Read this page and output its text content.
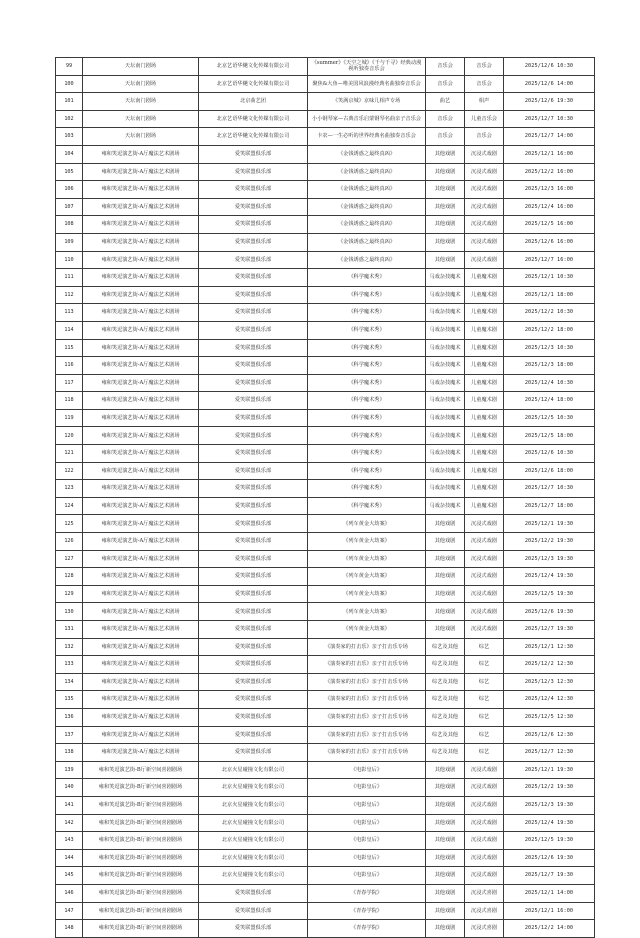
99	天坛南门剧场	北京艺语华樾文化传媒有限公司	《summer》《天空之城》《千与千寻》经典动漫视听独奏音乐会	音乐会	音乐会	2025/12/6 10:30
100	天坛南门剧场	北京艺语华樾文化传媒有限公司	聚焦&大鱼—唯美国风浪漫经典名曲独奏音乐会	音乐会	音乐会	2025/12/6 14:00
101	天坛南门剧场	北京曲艺团	《笑满京城》京味儿相声专场	曲艺	相声	2025/12/6 19:30
102	天坛南门剧场	北京艺语华樾文化传媒有限公司	小小钢琴家—古典音乐启蒙钢琴名曲亲子音乐会	音乐会	儿童音乐会	2025/12/7 10:30
103	天坛南门剧场	北京艺语华樾文化传媒有限公司	卡农—一生必听的世界经典名曲独奏音乐会	音乐会	音乐会	2025/12/7 14:00
104	雍和笑逗演艺街-A厅魔法艺术剧场	爱笑联盟俱乐部	《金钱诱惑之最终真凶》	其他戏剧	沉浸式戏剧	2025/12/1 16:00
105	雍和笑逗演艺街-A厅魔法艺术剧场	爱笑联盟俱乐部	《金钱诱惑之最终真凶》	其他戏剧	沉浸式戏剧	2025/12/2 16:00
106	雍和笑逗演艺街-A厅魔法艺术剧场	爱笑联盟俱乐部	《金钱诱惑之最终真凶》	其他戏剧	沉浸式戏剧	2025/12/3 16:00
107	雍和笑逗演艺街-A厅魔法艺术剧场	爱笑联盟俱乐部	《金钱诱惑之最终真凶》	其他戏剧	沉浸式戏剧	2025/12/4 16:00
108	雍和笑逗演艺街-A厅魔法艺术剧场	爱笑联盟俱乐部	《金钱诱惑之最终真凶》	其他戏剧	沉浸式戏剧	2025/12/5 16:00
109	雍和笑逗演艺街-A厅魔法艺术剧场	爱笑联盟俱乐部	《金钱诱惑之最终真凶》	其他戏剧	沉浸式戏剧	2025/12/6 16:00
110	雍和笑逗演艺街-A厅魔法艺术剧场	爱笑联盟俱乐部	《金钱诱惑之最终真凶》	其他戏剧	沉浸式戏剧	2025/12/7 16:00
111	雍和笑逗演艺街-A厅魔法艺术剧场	爱笑联盟俱乐部	《科学魔术秀》	马戏杂技魔术	儿童魔术剧	2025/12/1 10:30
112	雍和笑逗演艺街-A厅魔法艺术剧场	爱笑联盟俱乐部	《科学魔术秀》	马戏杂技魔术	儿童魔术剧	2025/12/1 18:00
113	雍和笑逗演艺街-A厅魔法艺术剧场	爱笑联盟俱乐部	《科学魔术秀》	马戏杂技魔术	儿童魔术剧	2025/12/2 10:30
114	雍和笑逗演艺街-A厅魔法艺术剧场	爱笑联盟俱乐部	《科学魔术秀》	马戏杂技魔术	儿童魔术剧	2025/12/2 18:00
115	雍和笑逗演艺街-A厅魔法艺术剧场	爱笑联盟俱乐部	《科学魔术秀》	马戏杂技魔术	儿童魔术剧	2025/12/3 10:30
116	雍和笑逗演艺街-A厅魔法艺术剧场	爱笑联盟俱乐部	《科学魔术秀》	马戏杂技魔术	儿童魔术剧	2025/12/3 18:00
117	雍和笑逗演艺街-A厅魔法艺术剧场	爱笑联盟俱乐部	《科学魔术秀》	马戏杂技魔术	儿童魔术剧	2025/12/4 10:30
118	雍和笑逗演艺街-A厅魔法艺术剧场	爱笑联盟俱乐部	《科学魔术秀》	马戏杂技魔术	儿童魔术剧	2025/12/4 18:00
119	雍和笑逗演艺街-A厅魔法艺术剧场	爱笑联盟俱乐部	《科学魔术秀》	马戏杂技魔术	儿童魔术剧	2025/12/5 10:30
120	雍和笑逗演艺街-A厅魔法艺术剧场	爱笑联盟俱乐部	《科学魔术秀》	马戏杂技魔术	儿童魔术剧	2025/12/5 18:00
121	雍和笑逗演艺街-A厅魔法艺术剧场	爱笑联盟俱乐部	《科学魔术秀》	马戏杂技魔术	儿童魔术剧	2025/12/6 10:30
122	雍和笑逗演艺街-A厅魔法艺术剧场	爱笑联盟俱乐部	《科学魔术秀》	马戏杂技魔术	儿童魔术剧	2025/12/6 18:00
123	雍和笑逗演艺街-A厅魔法艺术剧场	爱笑联盟俱乐部	《科学魔术秀》	马戏杂技魔术	儿童魔术剧	2025/12/7 10:30
124	雍和笑逗演艺街-A厅魔法艺术剧场	爱笑联盟俱乐部	《科学魔术秀》	马戏杂技魔术	儿童魔术剧	2025/12/7 18:00
125	雍和笑逗演艺街-A厅魔法艺术剧场	爱笑联盟俱乐部	《列车黄金大劫案》	其他戏剧	沉浸式戏剧	2025/12/1 19:30
126	雍和笑逗演艺街-A厅魔法艺术剧场	爱笑联盟俱乐部	《列车黄金大劫案》	其他戏剧	沉浸式戏剧	2025/12/2 19:30
127	雍和笑逗演艺街-A厅魔法艺术剧场	爱笑联盟俱乐部	《列车黄金大劫案》	其他戏剧	沉浸式戏剧	2025/12/3 19:30
128	雍和笑逗演艺街-A厅魔法艺术剧场	爱笑联盟俱乐部	《列车黄金大劫案》	其他戏剧	沉浸式戏剧	2025/12/4 19:30
129	雍和笑逗演艺街-A厅魔法艺术剧场	爱笑联盟俱乐部	《列车黄金大劫案》	其他戏剧	沉浸式戏剧	2025/12/5 19:30
130	雍和笑逗演艺街-A厅魔法艺术剧场	爱笑联盟俱乐部	《列车黄金大劫案》	其他戏剧	沉浸式戏剧	2025/12/6 19:30
131	雍和笑逗演艺街-A厅魔法艺术剧场	爱笑联盟俱乐部	《列车黄金大劫案》	其他戏剧	沉浸式戏剧	2025/12/7 19:30
132	雍和笑逗演艺街-A厅魔法艺术剧场	爱笑联盟俱乐部	《演奏家的打击乐》亲子打击乐专场	综艺及其他	综艺	2025/12/1 12:30
133	雍和笑逗演艺街-A厅魔法艺术剧场	爱笑联盟俱乐部	《演奏家的打击乐》亲子打击乐专场	综艺及其他	综艺	2025/12/2 12:30
134	雍和笑逗演艺街-A厅魔法艺术剧场	爱笑联盟俱乐部	《演奏家的打击乐》亲子打击乐专场	综艺及其他	综艺	2025/12/3 12:30
135	雍和笑逗演艺街-A厅魔法艺术剧场	爱笑联盟俱乐部	《演奏家的打击乐》亲子打击乐专场	综艺及其他	综艺	2025/12/4 12:30
136	雍和笑逗演艺街-A厅魔法艺术剧场	爱笑联盟俱乐部	《演奏家的打击乐》亲子打击乐专场	综艺及其他	综艺	2025/12/5 12:30
137	雍和笑逗演艺街-A厅魔法艺术剧场	爱笑联盟俱乐部	《演奏家的打击乐》亲子打击乐专场	综艺及其他	综艺	2025/12/6 12:30
138	雍和笑逗演艺街-A厅魔法艺术剧场	爱笑联盟俱乐部	《演奏家的打击乐》亲子打击乐专场	综艺及其他	综艺	2025/12/7 12:30
139	雍和笑逗演艺街-B厅新空间喜剧剧场	北京火星碰撞文化有限公司	《电影皇后》	其他戏剧	沉浸式戏剧	2025/12/1 19:30
140	雍和笑逗演艺街-B厅新空间喜剧剧场	北京火星碰撞文化有限公司	《电影皇后》	其他戏剧	沉浸式戏剧	2025/12/2 19:30
141	雍和笑逗演艺街-B厅新空间喜剧剧场	北京火星碰撞文化有限公司	《电影皇后》	其他戏剧	沉浸式戏剧	2025/12/3 19:30
142	雍和笑逗演艺街-B厅新空间喜剧剧场	北京火星碰撞文化有限公司	《电影皇后》	其他戏剧	沉浸式戏剧	2025/12/4 19:30
143	雍和笑逗演艺街-B厅新空间喜剧剧场	北京火星碰撞文化有限公司	《电影皇后》	其他戏剧	沉浸式戏剧	2025/12/5 19:30
144	雍和笑逗演艺街-B厅新空间喜剧剧场	北京火星碰撞文化有限公司	《电影皇后》	其他戏剧	沉浸式戏剧	2025/12/6 19:30
145	雍和笑逗演艺街-B厅新空间喜剧剧场	北京火星碰撞文化有限公司	《电影皇后》	其他戏剧	沉浸式戏剧	2025/12/7 19:30
146	雍和笑逗演艺街-B厅新空间喜剧剧场	爱笑联盟俱乐部	《青春学院》	其他戏剧	沉浸式喜剧	2025/12/1 14:00
147	雍和笑逗演艺街-B厅新空间喜剧剧场	爱笑联盟俱乐部	《青春学院》	其他戏剧	沉浸式喜剧	2025/12/1 16:00
148	雍和笑逗演艺街-B厅新空间喜剧剧场	爱笑联盟俱乐部	《青春学院》	其他戏剧	沉浸式喜剧	2025/12/2 14:00
